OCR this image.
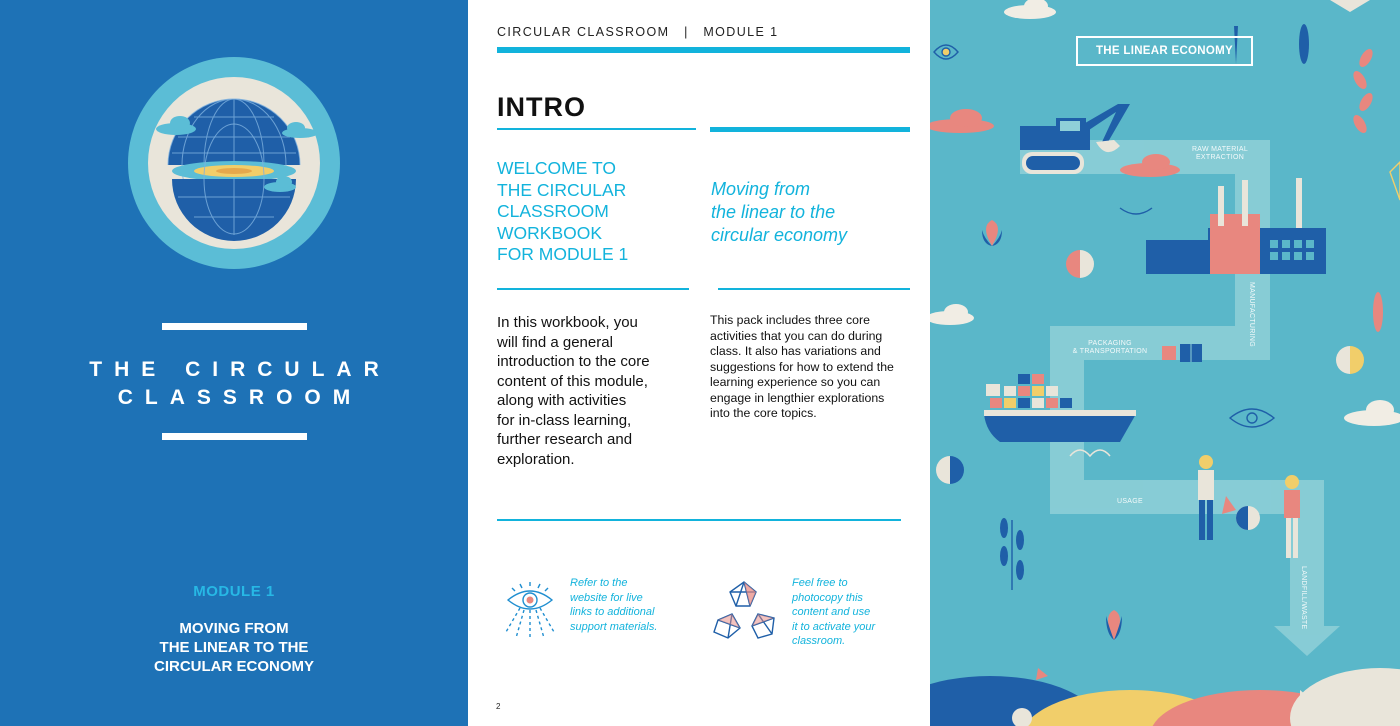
THE CIRCULAR
CLASSROOM
MODULE 1
MOVING FROM
THE LINEAR TO THE
CIRCULAR ECONOMY
CIRCULAR CLASSROOM   |   MODULE 1
INTRO
WELCOME TO
THE CIRCULAR
CLASSROOM
WORKBOOK
FOR MODULE 1
Moving from
the linear to the
circular economy
In this workbook, you
will find a general
introduction to the core
content of this module,
along with activities
for in-class learning,
further research and
exploration.
This pack includes three core
activities that you can do during
class. It also has variations and
suggestions for how to extend the
learning experience so you can
engage in lengthier explorations
into the core topics.
Refer to the
website for live
links to additional
support materials.
Feel free to
photocopy this
content and use
it to activate your
classroom.
2
THE LINEAR ECONOMY
RAW MATERIAL
EXTRACTION
MANUFACTURING
PACKAGING
& TRANSPORTATION
USAGE
LANDFILL/WASTE
